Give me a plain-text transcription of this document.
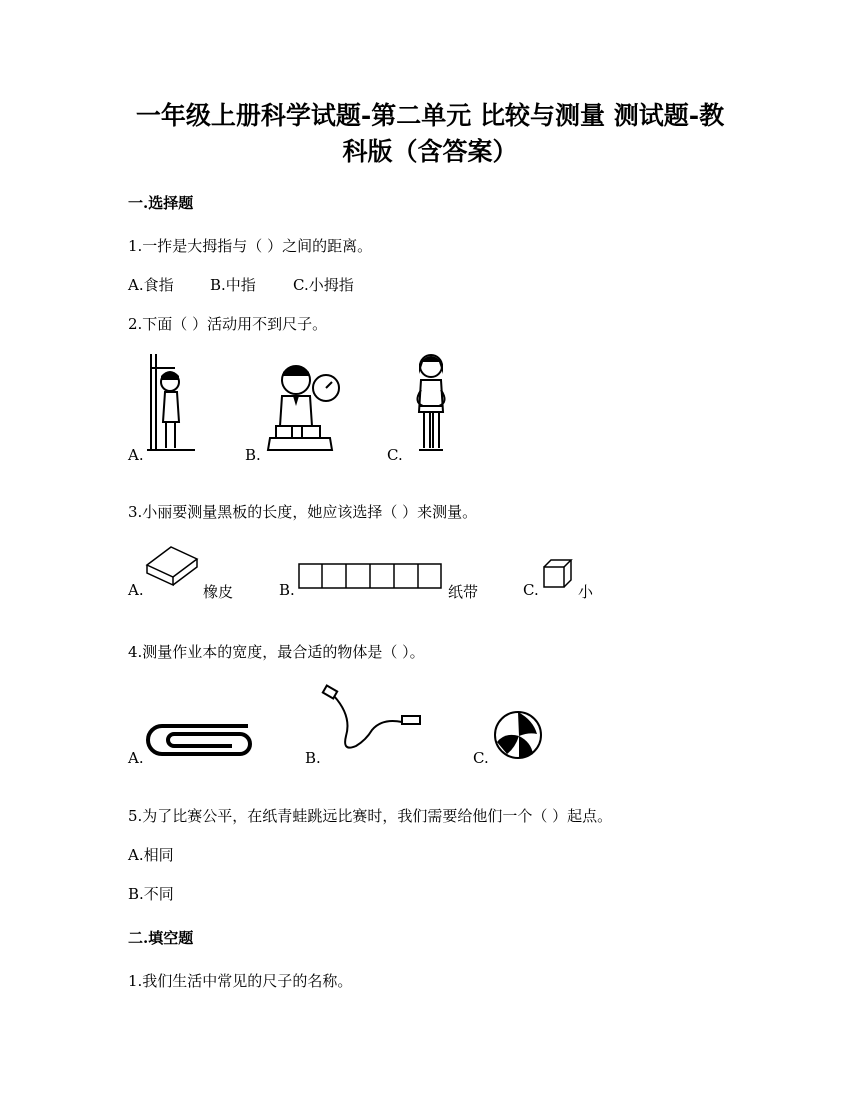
一年级上册科学试题-第二单元 比较与测量 测试题-教
科版（含答案）
一.选择题
1.一拃是大拇指与（ ）之间的距离。
A.食指 B.中指 C.小拇指
2.下面（ ）活动用不到尺子。
A.	B.	C.
3.小丽要测量黑板的长度，她应该选择（ ）来测量。
A.	橡皮	B.	纸带	C.	小
4.测量作业本的宽度，最合适的物体是（ ）。
A.	B.	C.
5.为了比赛公平，在纸青蛙跳远比赛时，我们需要给他们一个（ ）起点。
A.相同
B.不同
二.填空题
1.我们生活中常见的尺子的名称。
